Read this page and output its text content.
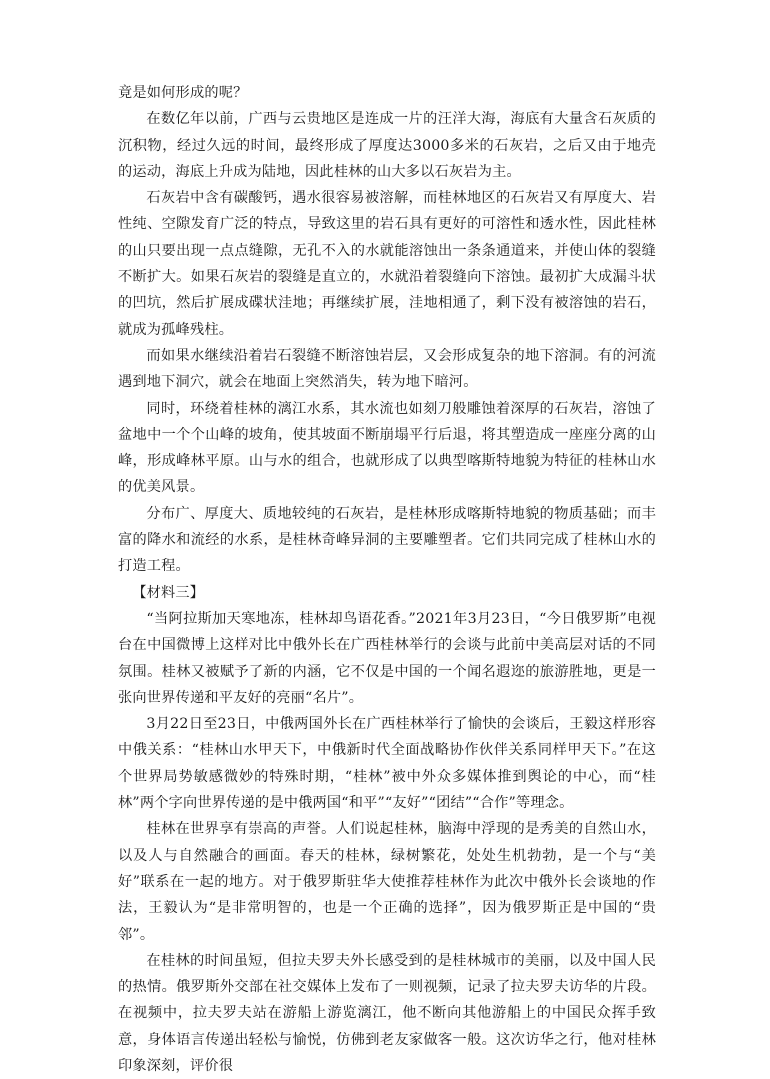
竟是如何形成的呢？

在数亿年以前，广西与云贵地区是连成一片的汪洋大海，海底有大量含石灰质的沉积物，经过久远的时间，最终形成了厚度达3000多米的石灰岩，之后又由于地壳的运动，海底上升成为陆地，因此桂林的山大多以石灰岩为主。

石灰岩中含有碳酸钙，遇水很容易被溶解，而桂林地区的石灰岩又有厚度大、岩性纯、空隙发育广泛的特点，导致这里的岩石具有更好的可溶性和透水性，因此桂林的山只要出现一点点缝隙，无孔不入的水就能溶蚀出一条条通道来，并使山体的裂缝不断扩大。如果石灰岩的裂缝是直立的，水就沿着裂缝向下溶蚀。最初扩大成漏斗状的凹坑，然后扩展成碟状洼地；再继续扩展，洼地相通了，剩下没有被溶蚀的岩石，就成为孤峰残柱。

而如果水继续沿着岩石裂缝不断溶蚀岩层，又会形成复杂的地下溶洞。有的河流遇到地下洞穴，就会在地面上突然消失，转为地下暗河。

同时，环绕着桂林的漓江水系，其水流也如刻刀般雕蚀着深厚的石灰岩，溶蚀了盆地中一个个山峰的坡角，使其坡面不断崩塌平行后退，将其塑造成一座座分离的山峰，形成峰林平原。山与水的组合，也就形成了以典型喀斯特地貌为特征的桂林山水的优美风景。

分布广、厚度大、质地较纯的石灰岩，是桂林形成喀斯特地貌的物质基础；而丰富的降水和流经的水系，是桂林奇峰异洞的主要雕塑者。它们共同完成了桂林山水的打造工程。

【材料三】

“当阿拉斯加天寒地冻，桂林却鸟语花香。”2021年3月23日，“今日俄罗斯”电视台在中国微博上这样对比中俄外长在广西桂林举行的会谈与此前中美高层对话的不同氛围。桂林又被赋予了新的内涵，它不仅是中国的一个闻名遐迩的旅游胜地，更是一张向世界传递和平友好的亮丽“名片”。

3月22日至23日，中俄两国外长在广西桂林举行了愉快的会谈后，王毅这样形容中俄关系：“桂林山水甲天下，中俄新时代全面战略协作伙伴关系同样甲天下。”在这个世界局势敏感微妙的特殊时期，“桂林”被中外众多媒体推到舆论的中心，而“桂林”两个字向世界传递的是中俄两国“和平”“友好”“团结”“合作”等理念。

桂林在世界享有崇高的声誉。人们说起桂林，脑海中浮现的是秀美的自然山水，以及人与自然融合的画面。春天的桂林，绿树繁花，处处生机勃勃，是一个与“美好”联系在一起的地方。对于俄罗斯驻华大使推荐桂林作为此次中俄外长会谈地的作法，王毅认为“是非常明智的，也是一个正确的选择”，因为俄罗斯正是中国的“贵邻”。

在桂林的时间虽短，但拉夫罗夫外长感受到的是桂林城市的美丽，以及中国人民的热情。俄罗斯外交部在社交媒体上发布了一则视频，记录了拉夫罗夫访华的片段。在视频中，拉夫罗夫站在游船上游览漓江，他不断向其他游船上的中国民众挥手致意，身体语言传递出轻松与愉悦，仿佛到老友家做客一般。这次访华之行，他对桂林印象深刻，评价很
